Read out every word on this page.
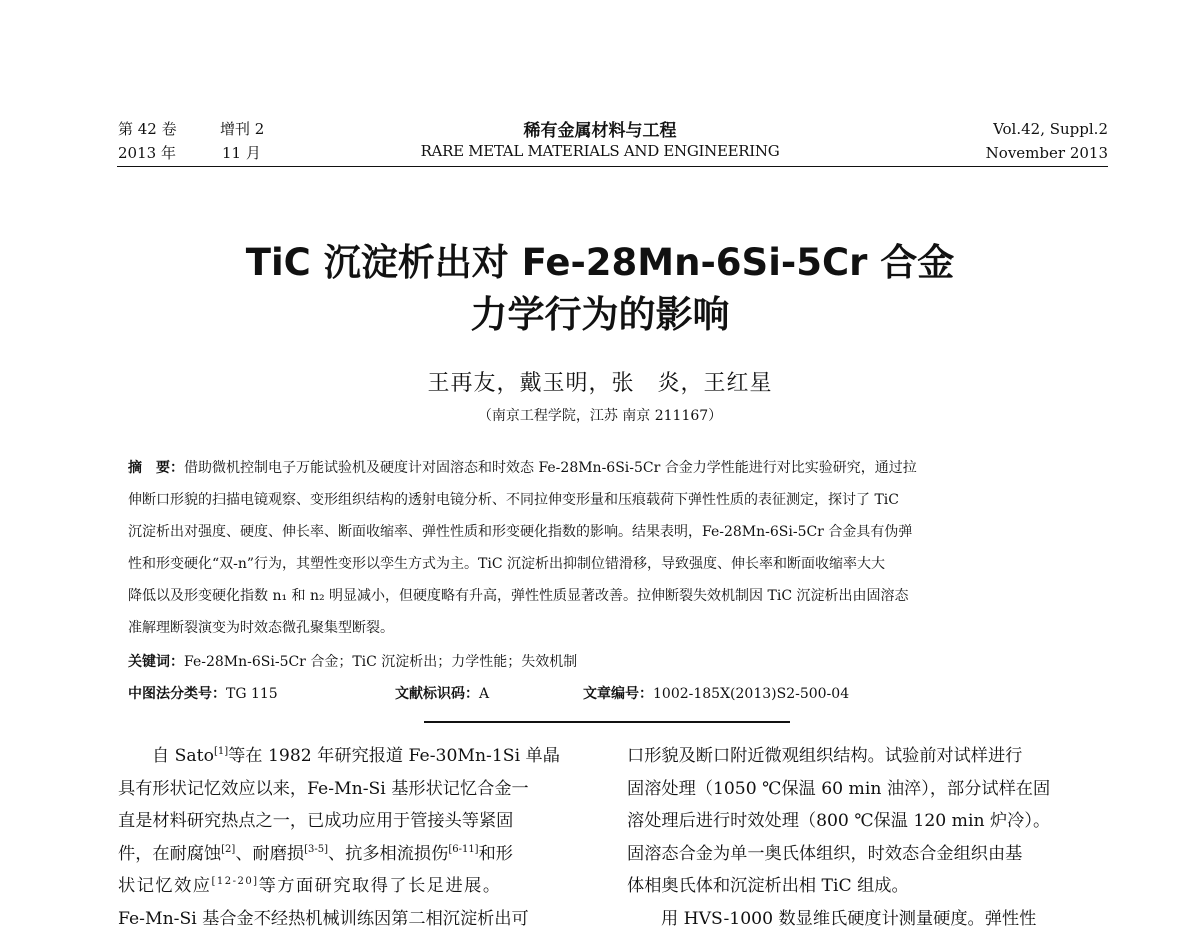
第 42 卷	增刊 2
2013 年	11 月
稀有金属材料与工程
RARE METAL MATERIALS AND ENGINEERING
Vol.42, Suppl.2
November 2013
TiC 沉淀析出对 Fe-28Mn-6Si-5Cr 合金
力学行为的影响
王再友，戴玉明，张　炎，王红星
（南京工程学院，江苏 南京 211167）
摘　要：借助微机控制电子万能试验机及硬度计对固溶态和时效态 Fe-28Mn-6Si-5Cr 合金力学性能进行对比实验研究，通过拉
伸断口形貌的扫描电镜观察、变形组织结构的透射电镜分析、不同拉伸变形量和压痕载荷下弹性性质的表征测定，探讨了 TiC
沉淀析出对强度、硬度、伸长率、断面收缩率、弹性性质和形变硬化指数的影响。结果表明，Fe-28Mn-6Si-5Cr 合金具有伪弹
性和形变硬化“双-n”行为，其塑性变形以孪生方式为主。TiC 沉淀析出抑制位错滑移，导致强度、伸长率和断面收缩率大大
降低以及形变硬化指数 n₁ 和 n₂ 明显减小，但硬度略有升高，弹性性质显著改善。拉伸断裂失效机制因 TiC 沉淀析出由固溶态
准解理断裂演变为时效态微孔聚集型断裂。
关键词：Fe-28Mn-6Si-5Cr 合金；TiC 沉淀析出；力学性能；失效机制
中图法分类号：TG 115	文献标识码：A	文章编号：1002-185X(2013)S2-500-04
自 Sato[1]等在 1982 年研究报道 Fe-30Mn-1Si 单晶
具有形状记忆效应以来，Fe-Mn-Si 基形状记忆合金一
直是材料研究热点之一，已成功应用于管接头等紧固
件，在耐腐蚀[2]、耐磨损[3-5]、抗多相流损伤[6-11]和形
状记忆效应[12-20]等方面研究取得了长足进展。
Fe-Mn-Si 基合金不经热机械训练因第二相沉淀析出可
口形貌及断口附近微观组织结构。试验前对试样进行
固溶处理（1050 ℃保温 60 min 油淬），部分试样在固
溶处理后进行时效处理（800 ℃保温 120 min 炉冷）。
固溶态合金为单一奥氏体组织，时效态合金组织由基
体相奥氏体和沉淀析出相 TiC 组成。
用 HVS-1000 数显维氏硬度计测量硬度。弹性性
